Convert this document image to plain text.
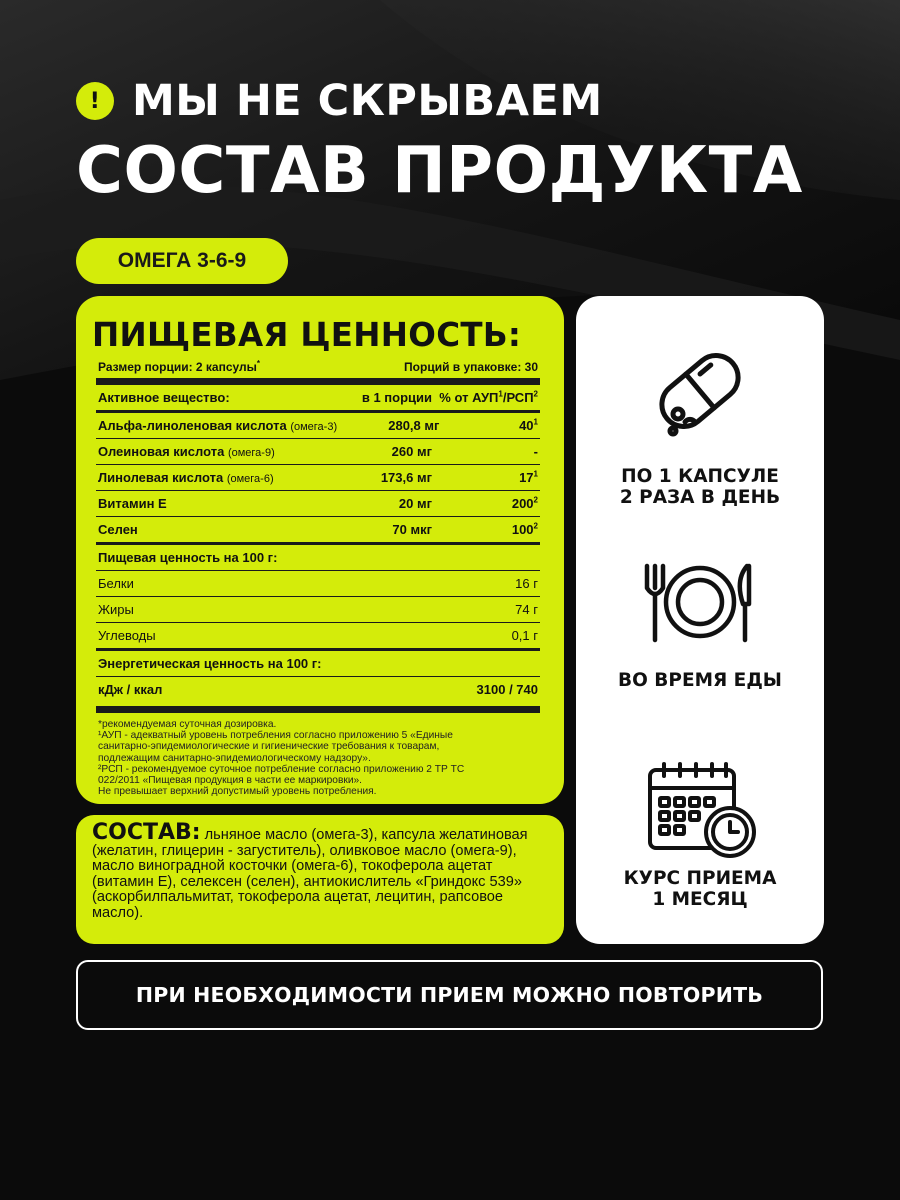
! МЫ НЕ СКРЫВАЕМ
СОСТАВ ПРОДУКТА
ОМЕГА 3-6-9
ПИЩЕВАЯ ЦЕННОСТЬ:
Размер порции: 2 капсулы*	Порций в упаковке: 30
Активное вещество:	в 1 порции % от АУП$^1$/РСП$^2$
Альфа-линоленовая кислота (омега-3)	280,8 мг	$40^1$
Олеиновая кислота (омега-9)	260 мг	-
Линолевая кислота (омега-6)	173,6 мг	$17^1$
Витамин Е	20 мг	$200^2$
Селен	70 мкг	$100^2$
Пищевая ценность на 100 г:
Белки	16 г
Жиры	74 г
Углеводы	0,1 г
Энергетическая ценность на 100 г:
кДж / ккал	3100 / 740
*рекомендуемая суточная дозировка.
¹АУП - адекватный уровень потребления согласно приложению 5 «Единые
санитарно-эпидемиологические и гигиенические требования к товарам,
подлежащим санитарно-эпидемиологическому надзору».
²РСП - рекомендуемое суточное потребление согласно приложению 2 ТР ТС
022/2011 «Пищевая продукция в части ее маркировки».
Не превышает верхний допустимый уровень потребления.
СОСТАВ: льняное масло (омега-3), капсула желатиновая (желатин, глицерин - загуститель), оливковое масло (омега-9), масло виноградной косточки (омега-6), токоферола ацетат (витамин Е), селексен (селен), антиокислитель «Гриндокс 539» (аскорбилпальмитат, токоферола ацетат, лецитин, рапсовое масло).
ПО 1 КАПСУЛЕ
2 РАЗА В ДЕНЬ
ВО ВРЕМЯ ЕДЫ
КУРС ПРИЕМА
1 МЕСЯЦ
ПРИ НЕОБХОДИМОСТИ ПРИЕМ МОЖНО ПОВТОРИТЬ
